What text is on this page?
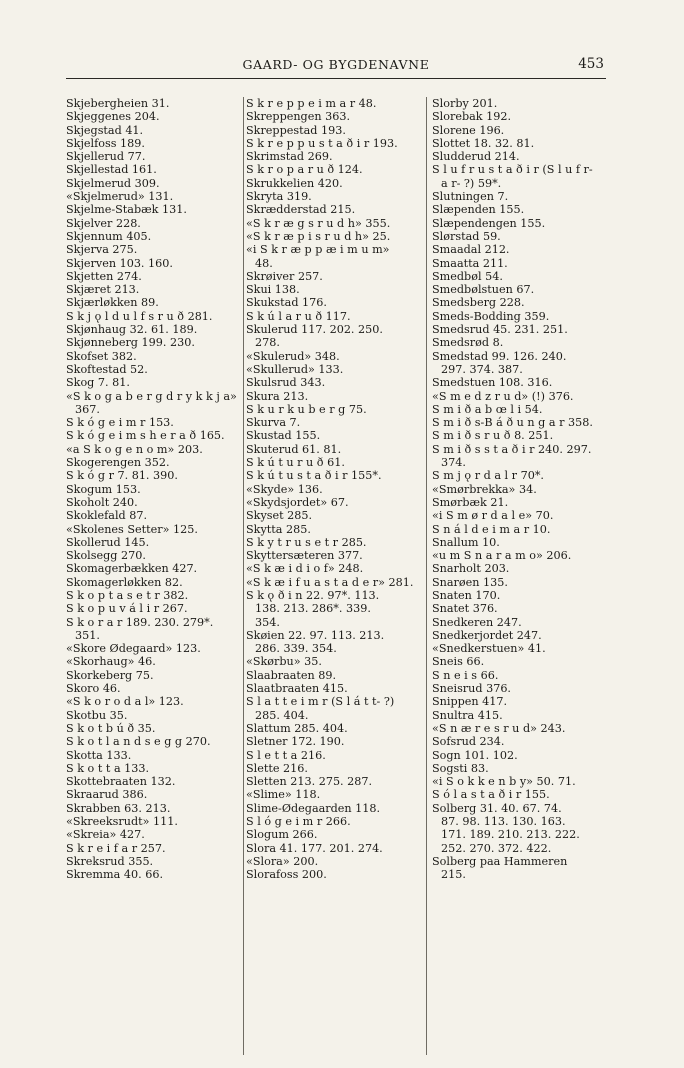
GAARD- OG BYGDENAVNE	453
Skjebergheien 31.
Skjeggenes 204.
Skjegstad 41.
Skjelfoss 189.
Skjellerud 77.
Skjellestad 161.
Skjelmerud 309.
«Skjelmerud» 131.
Skjelme-Stabæk 131.
Skjelver 228.
Skjennum 405.
Skjerva 275.
Skjerven 103. 160.
Skjetten 274.
Skjæret 213.
Skjærløkken 89.
S k j ǫ l d u l f s r u ð 281.
Skjønhaug 32. 61. 189.
Skjønneberg 199. 230.
Skofset 382.
Skoftestad 52.
Skog 7. 81.
«S k o g a b e r g d r y k k j a»
367.
S k ó g e i m r 153.
S k ó g e i m s h e r a ð 165.
«a S k o g e n o m» 203.
Skogerengen 352.
S k ó g r 7. 81. 390.
Skogum 153.
Skoholt 240.
Skoklefald 87.
«Skolenes Setter» 125.
Skollerud 145.
Skolsegg 270.
Skomagerbækken 427.
Skomagerløkken 82.
S k o p t a s e t r 382.
S k o p u v á l i r 267.
S k o r a r 189. 230. 279*.
351.
«Skore Ødegaard» 123.
«Skorhaug» 46.
Skorkeberg 75.
Skoro 46.
«S k o r o d a l» 123.
Skotbu 35.
S k o t b ú ð 35.
S k o t l a n d s e g g 270.
Skotta 133.
S k o t t a 133.
Skottebraaten 132.
Skraarud 386.
Skrabben 63. 213.
«Skreeksrudt» 111.
«Skreia» 427.
S k r e i f a r 257.
Skreksrud 355.
Skremma 40. 66.
S k r e p p e i m a r 48.
Skreppengen 363.
Skreppestad 193.
S k r e p p u s t a ð i r 193.
Skrimstad 269.
S k r o p a r u ð 124.
Skrukkelien 420.
Skryta 319.
Skrædderstad 215.
«S k r æ g s r u d h» 355.
«S k r æ p i s r u d h» 25.
«i S k r æ p p æ i m u m»
48.
Skrøiver 257.
Skui 138.
Skukstad 176.
S k ú l a r u ð 117.
Skulerud 117. 202. 250.
278.
«Skulerud» 348.
«Skullerud» 133.
Skulsrud 343.
Skura 213.
S k u r k u b e r g 75.
Skurva 7.
Skustad 155.
Skuterud 61. 81.
S k ú t u r u ð 61.
S k ú t u s t a ð i r 155*.
«Skyde» 136.
«Skydsjordet» 67.
Skyset 285.
Skytta 285.
S k y t r u s e t r 285.
Skyttersæteren 377.
«S k æ i d i o f» 248.
«S k æ i f u a s t a d e r» 281.
S k ǫ ð i n 22. 97*. 113.
138. 213. 286*. 339.
354.
Skøien 22. 97. 113. 213.
286. 339. 354.
«Skørbu» 35.
Slaabraaten 89.
Slaatbraaten 415.
S l a t t e i m r (S l á t t- ?)
285. 404.
Slattum 285. 404.
Sletner 172. 190.
S l e t t a 216.
Slette 216.
Sletten 213. 275. 287.
«Slime» 118.
Slime-Ødegaarden 118.
S l ó g e i m r 266.
Slogum 266.
Slora 41. 177. 201. 274.
«Slora» 200.
Slorafoss 200.
Slorby 201.
Slorebak 192.
Slorene 196.
Slottet 18. 32. 81.
Sludderud 214.
S l u f r u s t a ð i r (S l u f r-
a r- ?) 59*.
Slutningen 7.
Slæpenden 155.
Slæpendengen 155.
Slørstad 59.
Smaadal 212.
Smaatta 211.
Smedbøl 54.
Smedbølstuen 67.
Smedsberg 228.
Smeds-Bodding 359.
Smedsrud 45. 231. 251.
Smedsrød 8.
Smedstad 99. 126. 240.
297. 374. 387.
Smedstuen 108. 316.
«S m e d z r u d» (!) 376.
S m i ð a b œ l i 54.
S m i ð s-B á ð u n g a r 358.
S m i ð s r u ð 8. 251.
S m i ð s s t a ð i r 240. 297.
374.
S m j ǫ r d a l r 70*.
«Smørbrekka» 34.
Smørbæk 21.
«i S m ø r d a l e» 70.
S n á l d e i m a r 10.
Snallum 10.
«u m S n a r a m o» 206.
Snarholt 203.
Snarøen 135.
Snaten 170.
Snatet 376.
Snedkeren 247.
Snedkerjordet 247.
«Snedkerstuen» 41.
Sneis 66.
S n e i s 66.
Sneisrud 376.
Snippen 417.
Snultra 415.
«S n æ r e s r u d» 243.
Sofsrud 234.
Sogn 101. 102.
Sogsti 83.
«i S o k k e n b y» 50. 71.
S ó l a s t a ð i r 155.
Solberg 31. 40. 67. 74.
87. 98. 113. 130. 163.
171. 189. 210. 213. 222.
252. 270. 372. 422.
Solberg paa Hammeren
215.
